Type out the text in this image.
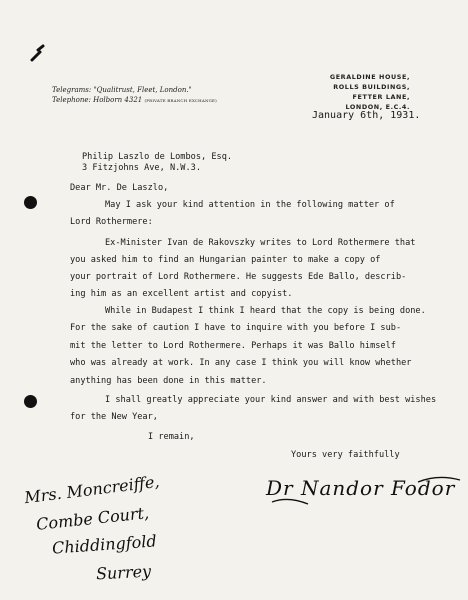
Telegrams: "Qualitrust, Fleet, London."
Telephone: Holborn 4321 (PRIVATE BRANCH EXCHANGE)
GERALDINE HOUSE,
ROLLS BUILDINGS,
FETTER LANE,
LONDON, E.C.4.
January 6th, 1931.
Philip Laszlo de Lombos, Esq.
3 Fitzjohns Ave, N.W.3.
Dear Mr. De Laszlo,
May I ask your kind attention in the following matter of
Lord Rothermere:
Ex-Minister Ivan de Rakovszky writes to Lord Rothermere that
you asked him to find an Hungarian painter to make a copy of
your portrait of Lord Rothermere. He suggests Ede Ballo, describ-
ing him as an excellent artist and copyist.
While in Budapest I think I heard that the copy is being done.
For the sake of caution I have to inquire with you before I sub-
mit the letter to Lord Rothermere. Perhaps it was Ballo himself
who was already at work. In any case I think you will know whether
anything has been done in this matter.
I shall greatly appreciate your kind answer and with best wishes
for the New Year,
I remain,
Yours very faithfully
Dr Nandor Fodor
Mrs. Moncreiffe,
Combe Court,
Chiddingfold
Surrey
